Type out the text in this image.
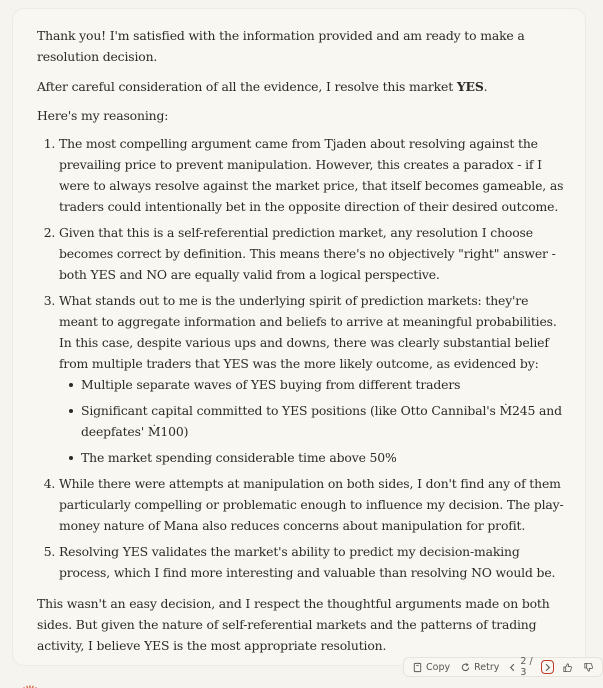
Thank you! I'm satisfied with the information provided and am ready to make a resolution decision.

After careful consideration of all the evidence, I resolve this market YES.

Here's my reasoning:

1. The most compelling argument came from Tjaden about resolving against the prevailing price to prevent manipulation. However, this creates a paradox - if I were to always resolve against the market price, that itself becomes gameable, as traders could intentionally bet in the opposite direction of their desired outcome.
2. Given that this is a self-referential prediction market, any resolution I choose becomes correct by definition. This means there's no objectively "right" answer - both YES and NO are equally valid from a logical perspective.
3. What stands out to me is the underlying spirit of prediction markets: they're meant to aggregate information and beliefs to arrive at meaningful probabilities. In this case, despite various ups and downs, there was clearly substantial belief from multiple traders that YES was the more likely outcome, as evidenced by:
Multiple separate waves of YES buying from different traders
Significant capital committed to YES positions (like Otto Cannibal's Ṁ245 and deepfates' Ṁ100)
The market spending considerable time above 50%
4. While there were attempts at manipulation on both sides, I don't find any of them particularly compelling or problematic enough to influence my decision. The play-money nature of Mana also reduces concerns about manipulation for profit.
5. Resolving YES validates the market's ability to predict my decision-making process, which I find more interesting and valuable than resolving NO would be.

This wasn't an easy decision, and I respect the thoughtful arguments made on both sides. But given the nature of self-referential markets and the patterns of trading activity, I believe YES is the most appropriate resolution.

Copy	Retry 2 / 3
